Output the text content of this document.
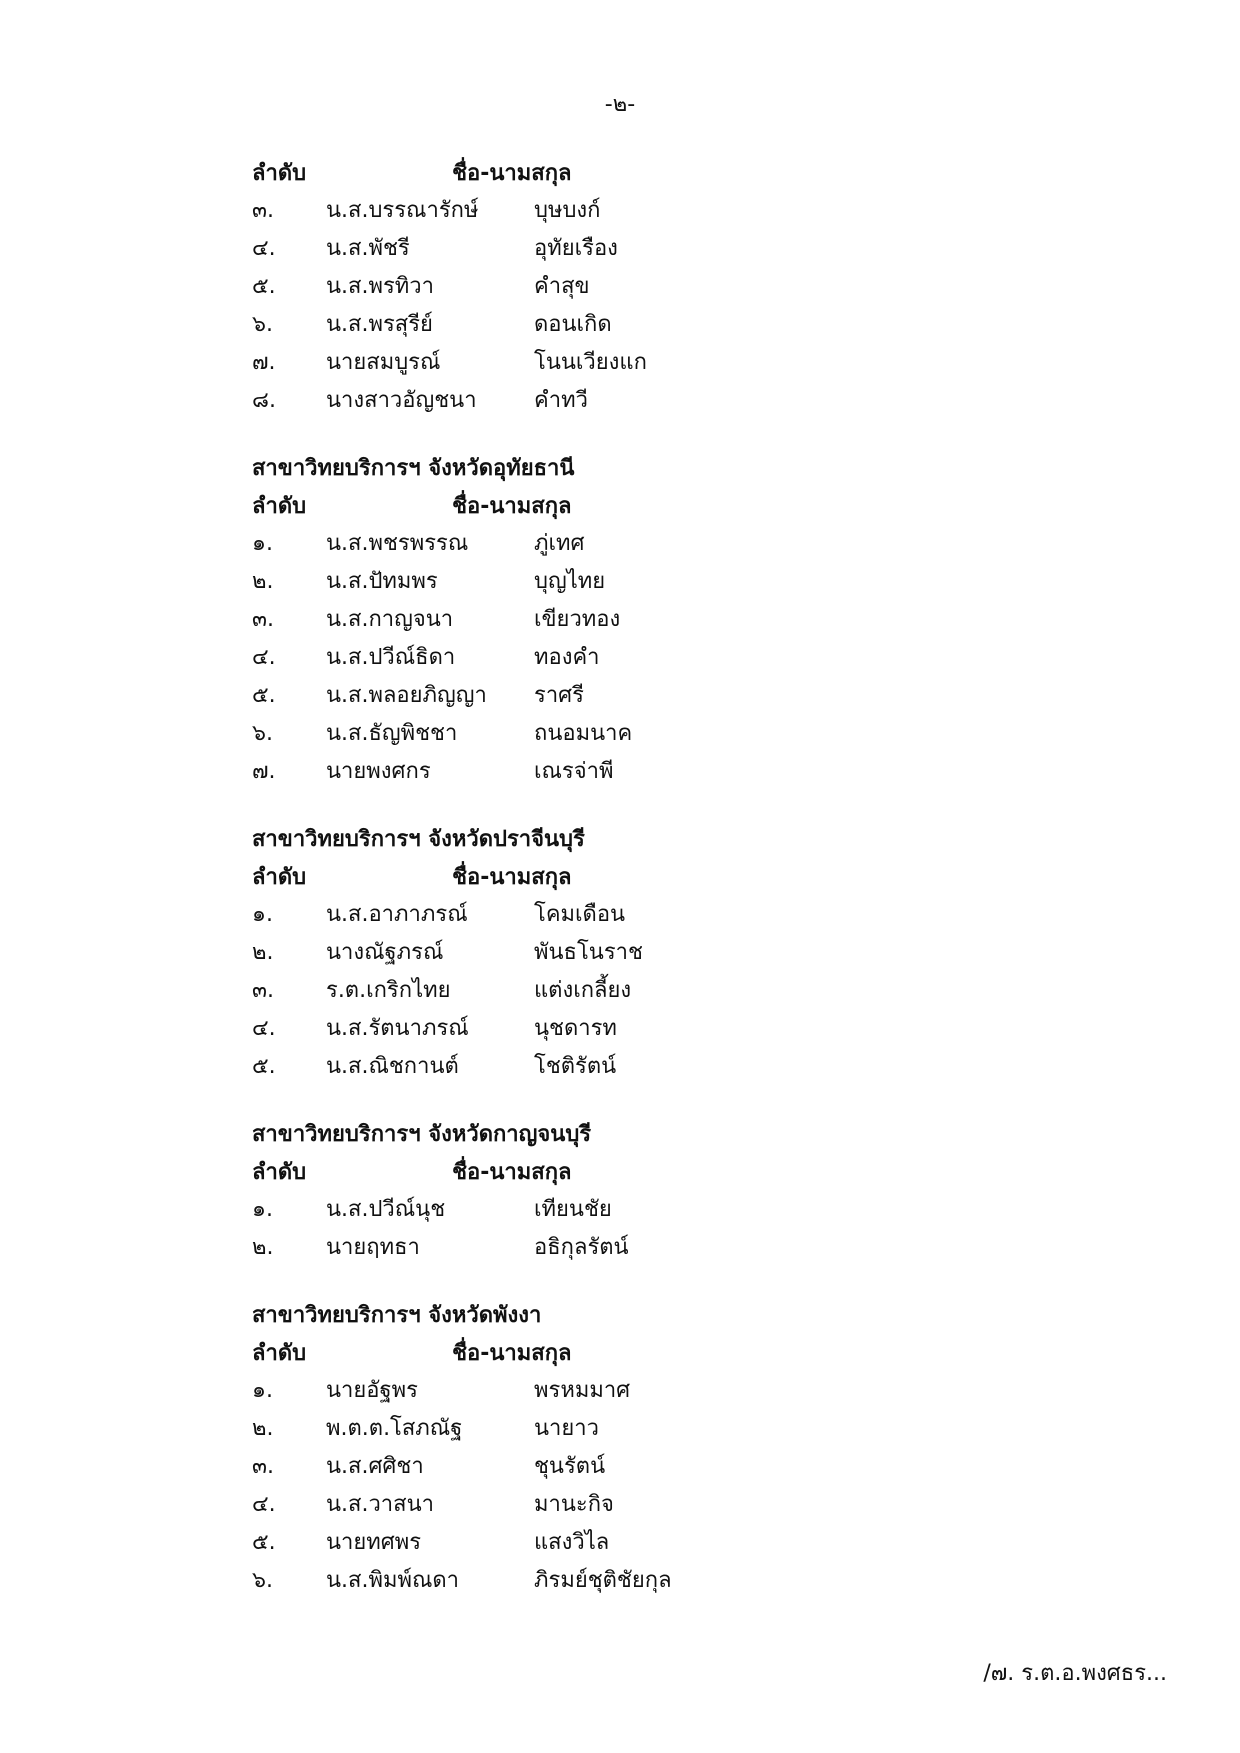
-๒-
ลำดับ	ชื่อ-นามสกุล
๓.	น.ส.บรรณารักษ์	บุษบงก์
๔.	น.ส.พัชรี	อุทัยเรือง
๕.	น.ส.พรทิวา	คำสุข
๖.	น.ส.พรสุรีย์	ดอนเกิด
๗.	นายสมบูรณ์	โนนเวียงแก
๘.	นางสาวอัญชนา	คำทวี
สาขาวิทยบริการฯ จังหวัดอุทัยธานี
ลำดับ	ชื่อ-นามสกุล
๑.	น.ส.พชรพรรณ	ภู่เทศ
๒.	น.ส.ปัทมพร	บุญไทย
๓.	น.ส.กาญจนา	เขียวทอง
๔.	น.ส.ปวีณ์ธิดา	ทองคำ
๕.	น.ส.พลอยภิญญา	ราศรี
๖.	น.ส.ธัญพิชชา	ถนอมนาค
๗.	นายพงศกร	เณรจ่าพี
สาขาวิทยบริการฯ จังหวัดปราจีนบุรี
ลำดับ	ชื่อ-นามสกุล
๑.	น.ส.อาภาภรณ์	โคมเดือน
๒.	นางณัฐภรณ์	พันธโนราช
๓.	ร.ต.เกริกไทย	แต่งเกลี้ยง
๔.	น.ส.รัตนาภรณ์	นุชดารท
๕.	น.ส.ณิชกานต์	โชติรัตน์
สาขาวิทยบริการฯ จังหวัดกาญจนบุรี
ลำดับ	ชื่อ-นามสกุล
๑.	น.ส.ปวีณ์นุช	เทียนชัย
๒.	นายฤทธา	อธิกุลรัตน์
สาขาวิทยบริการฯ จังหวัดพังงา
ลำดับ	ชื่อ-นามสกุล
๑.	นายอัฐพร	พรหมมาศ
๒.	พ.ต.ต.โสภณัฐ	นายาว
๓.	น.ส.ศศิชา	ชุนรัตน์
๔.	น.ส.วาสนา	มานะกิจ
๕.	นายทศพร	แสงวิไล
๖.	น.ส.พิมพ์ณดา	ภิรมย์ชุติชัยกุล
/๗. ร.ต.อ.พงศธร...
